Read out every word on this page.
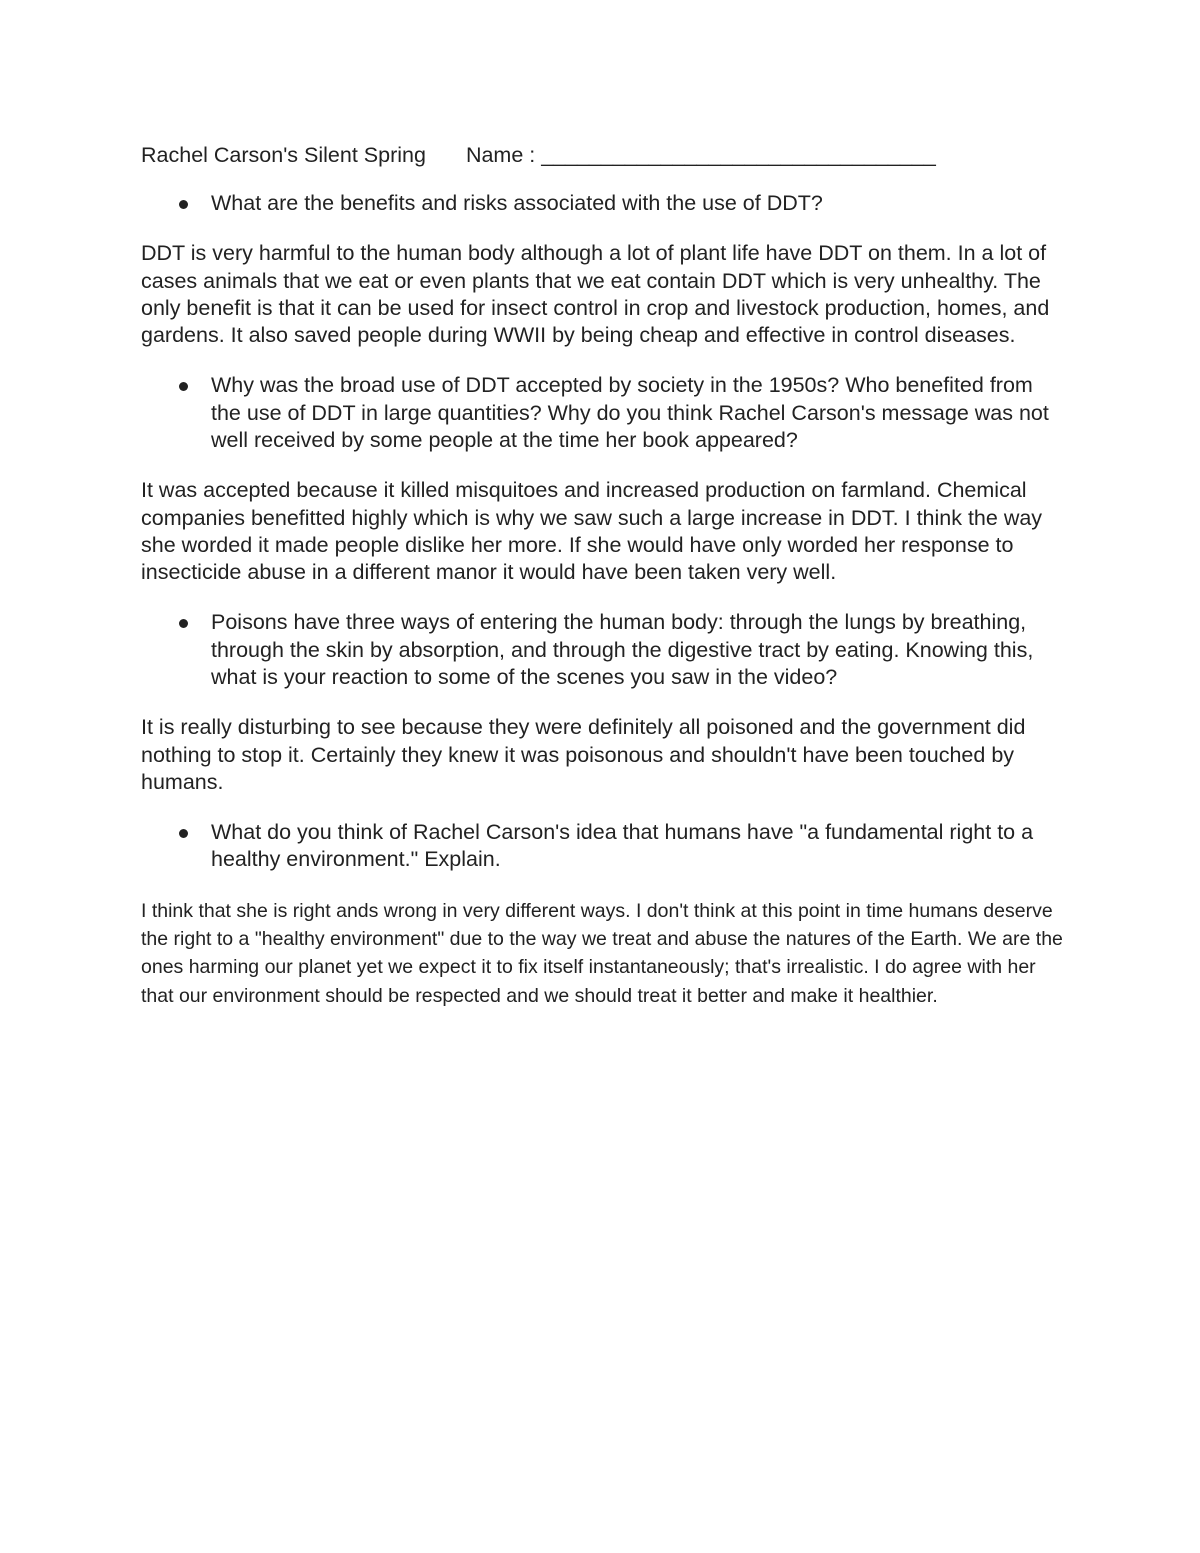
Rachel Carson's Silent Spring Name : _________________________________
What are the benefits and risks associated with the use of DDT?
DDT is very harmful to the human body although a lot of plant life have DDT on them. In a lot of cases animals that we eat or even plants that we eat contain DDT which is very unhealthy. The only benefit is that it can be used for insect control in crop and livestock production, homes, and gardens. It also saved people during WWII by being cheap and effective in control diseases.
Why was the broad use of DDT accepted by society in the 1950s? Who benefited from the use of DDT in large quantities? Why do you think Rachel Carson's message was not well received by some people at the time her book appeared?
It was accepted because it killed misquitoes and increased production on farmland. Chemical companies benefitted highly which is why we saw such a large increase in DDT. I think the way she worded it made people dislike her more. If she would have only worded her response to insecticide abuse in a different manor it would have been taken very well.
Poisons have three ways of entering the human body: through the lungs by breathing, through the skin by absorption, and through the digestive tract by eating. Knowing this, what is your reaction to some of the scenes you saw in the video?
It is really disturbing to see because they were definitely all poisoned and the government did nothing to stop it. Certainly they knew it was poisonous and shouldn't have been touched by humans.
What do you think of Rachel Carson's idea that humans have "a fundamental right to a healthy environment." Explain.
I think that she is right ands wrong in very different ways. I don't think at this point in time humans deserve the right to a "healthy environment" due to the way we treat and abuse the natures of the Earth. We are the ones harming our planet yet we expect it to fix itself instantaneously; that's irrealistic. I do agree with her that our environment should be respected and we should treat it better and make it healthier.
